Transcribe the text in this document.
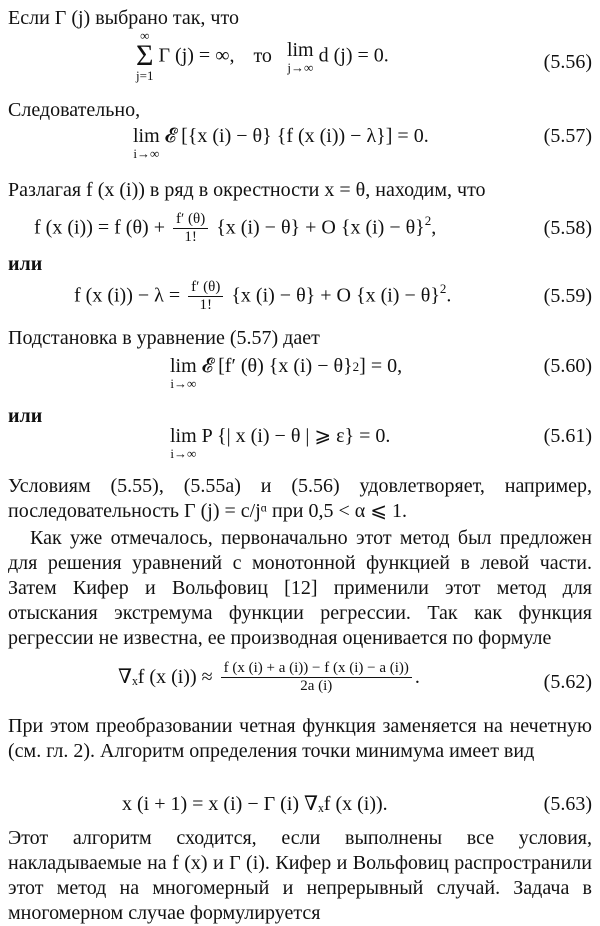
Если Γ (j) выбрано так, что

∞
Σ
j=1
Γ (j) = ∞, то lim
j→∞
d (j) = 0.	(5.56)

Следовательно,

lim
i→∞
𝓔 [{x (i) − θ} {f (x (i)) − λ}] = 0.	(5.57)

Разлагая f (x (i)) в ряд в окрестности x = θ, находим, что

f (x (i)) = f $(\theta) + \frac{f' (\theta)}{1!} \{x$ (i) − θ} + O {x (i) − θ}$^2$,	(5.58)

или

f (x $(i)) - \lambda = \frac{f' (\theta)}{1!} \{x$ (i) − θ} + O {x (i) − θ}$^2$.	(5.59)

Подстановка в уравнение (5.57) дает

lim
i→∞
𝓔 [f′ (θ) {x (i) − θ}$^2$] = 0,	(5.60)

или

lim
i→∞
P {| x (i) − θ | ⩾ ε} = 0.	(5.61)

Условиям (5.55), (5.55a) и (5.56) удовлетворяет, например, последовательность Γ (j) = c/jᵅ при 0,5 < α ⩽ 1.

Как уже отмечалось, первоначально этот метод был предложен для решения уравнений с монотонной функцией в левой части. Затем Кифер и Вольфовиц [12] применили этот метод для отыскания экстремума функции регрессии. Так как функция регрессии не известна, ее производная оценивается по формуле

∇ₓf (x $(i)) \approx \frac{f (x (i) + a (i)) - f (x (i) - a (i))}{2a (i)}$ .	(5.62)

При этом преобразовании четная функция заменяется на нечетную (см. гл. 2). Алгоритм определения точки минимума имеет вид

x (i + 1) = x (i) − Γ (i) ∇ₓf (x (i)).	(5.63)

Этот алгоритм сходится, если выполнены все условия, накладываемые на f (x) и Γ (i). Кифер и Вольфовиц распространили этот метод на многомерный и непрерывный случай. Задача в многомерном случае формулируется
